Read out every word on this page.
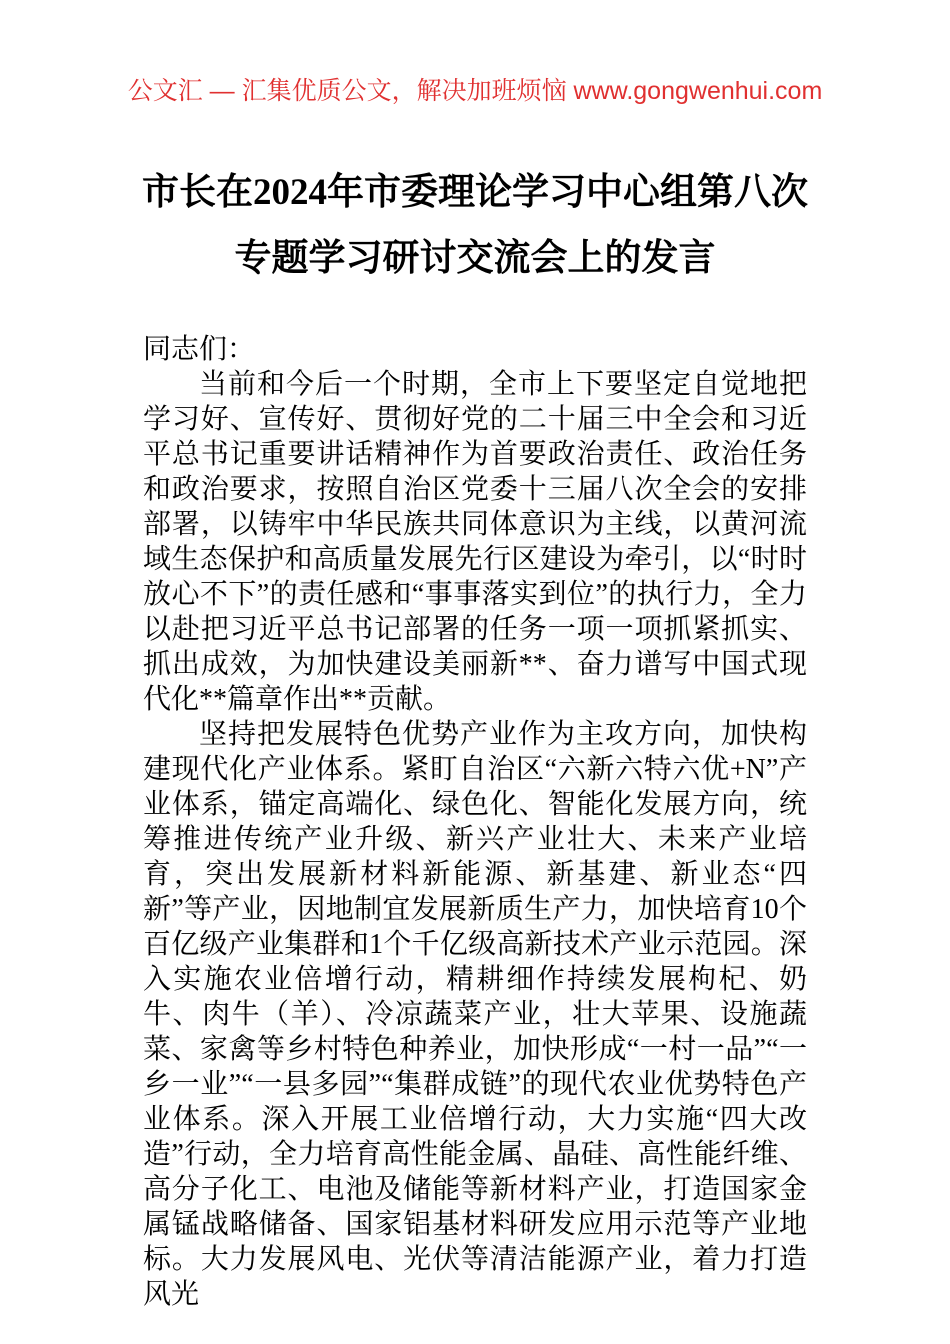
公文汇 — 汇集优质公文，解决加班烦恼 www.gongwenhui.com
市长在2024年市委理论学习中心组第八次专题学习研讨交流会上的发言

同志们：

当前和今后一个时期，全市上下要坚定自觉地把学习好、宣传好、贯彻好党的二十届三中全会和习近平总书记重要讲话精神作为首要政治责任、政治任务和政治要求，按照自治区党委十三届八次全会的安排部署，以铸牢中华民族共同体意识为主线，以黄河流域生态保护和高质量发展先行区建设为牵引，以“时时放心不下”的责任感和“事事落实到位”的执行力，全力以赴把习近平总书记部署的任务一项一项抓紧抓实、抓出成效，为加快建设美丽新**、奋力谱写中国式现代化**篇章作出**贡献。

坚持把发展特色优势产业作为主攻方向，加快构建现代化产业体系。紧盯自治区“六新六特六优+N”产业体系，锚定高端化、绿色化、智能化发展方向，统筹推进传统产业升级、新兴产业壮大、未来产业培育，突出发展新材料新能源、新基建、新业态“四新”等产业，因地制宜发展新质生产力，加快培育10个百亿级产业集群和1个千亿级高新技术产业示范园。深入实施农业倍增行动，精耕细作持续发展枸杞、奶牛、肉牛（羊）、冷凉蔬菜产业，壮大苹果、设施蔬菜、家禽等乡村特色种养业，加快形成“一村一品”“一乡一业”“一县多园”“集群成链”的现代农业优势特色产业体系。深入开展工业倍增行动，大力实施“四大改造”行动，全力培育高性能金属、晶硅、高性能纤维、高分子化工、电池及储能等新材料产业，打造国家金属锰战略储备、国家铝基材料研发应用示范等产业地标。大力发展风电、光伏等清洁能源产业，着力打造风光
